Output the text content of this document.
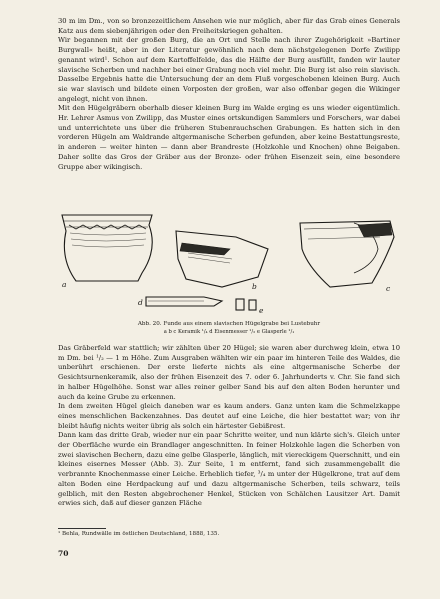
30 m im Dm., von so bronzezeitlichem Ansehen wie nur möglich, aber für das Grab eines Generals Katz aus dem siebenjährigen oder den Freiheitskriegen gehalten.

Wir begannen mit der großen Burg, die an Ort und Stelle nach ihrer Zugehörigkeit »Bartiner Burgwall« heißt, aber in der Literatur gewöhnlich nach dem nächstgelegenen Dorfe Zwilipp genannt wird¹. Schon auf dem Kartoffelfelde, das die Hälfte der Burg ausfüllt, fanden wir lauter slavische Scherben und nachher bei einer Grabung noch viel mehr. Die Burg ist also rein slavisch. Dasselbe Ergebnis hatte die Untersuchung der an dem Fluß vorgeschobenen kleinen Burg. Auch sie war slavisch und bildete einen Vorposten der großen, war also offenbar gegen die Wikinger angelegt, nicht von ihnen.

Mit den Hügelgräbern oberhalb dieser kleinen Burg im Walde erging es uns wieder eigentümlich. Hr. Lehrer Asmus von Zwilipp, das Muster eines ortskundigen Sammlers und Forschers, war dabei und unterrichtete uns über die früheren Stubenrauchschen Grabungen. Es hatten sich in den vorderen Hügeln am Waldrande altgermanische Scherben gefunden, aber keine Bestattungsreste, in anderen — weiter hinten — dann aber Brandreste (Holzkohle und Knochen) ohne Beigaben. Daher sollte das Gros der Gräber aus der Bronze- oder frühen Eisenzeit sein, eine besondere Gruppe aber wikingisch.

a	b	c
d
e
Abb. 20. Funde aus einem slavischen Hügelgrabe bei Lustebuhr
a b c Keramik ¹/₄ d Eisenmesser ¹/₂ e Glasperle ¹/₁

Das Gräberfeld war stattlich; wir zählten über 20 Hügel; sie waren aber durchweg klein, etwa 10 m Dm. bei ¹/₂ — 1 m Höhe. Zum Ausgraben wählten wir ein paar im hinteren Teile des Waldes, die unberührt erschienen. Der erste lieferte nichts als eine altgermanische Scherbe der Gesichtsurnenkeramik, also der frühen Eisenzeit des 7. oder 6. Jahrhunderts v. Chr. Sie fand sich in halber Hügelhöhe. Sonst war alles reiner gelber Sand bis auf den alten Boden herunter und auch da keine Grube zu erkennen.

In dem zweiten Hügel gleich daneben war es kaum anders. Ganz unten kam die Schmelzkappe eines menschlichen Backenzahnes. Das deutet auf eine Leiche, die hier bestattet war; von ihr bleibt häufig nichts weiter übrig als solch ein härtester Gebißrest.

Dann kam das dritte Grab, wieder nur ein paar Schritte weiter, und nun klärte sich's. Gleich unter der Oberfläche wurde ein Brandlager angeschnitten. In feiner Holzkohle lagen die Scherben von zwei slavischen Bechern, dazu eine gelbe Glasperle, länglich, mit viereckigem Querschnitt, und ein kleines eisernes Messer (Abb. 3). Zur Seite, 1 m entfernt, fand sich zusammengeballt die verbrannte Knochenmasse einer Leiche. Erheblich tiefer, ³/₄ m unter der Hügelkrone, trat auf dem alten Boden eine Herdpackung auf und dazu altgermanische Scherben, teils schwarz, teils gelblich, mit den Resten abgebrochener Henkel, Stücken von Schälchen Lausitzer Art. Damit erwies sich, daß auf dieser ganzen Fläche

¹ Behla, Rundwälle im östlichen Deutschland, 1888, 135.
70
